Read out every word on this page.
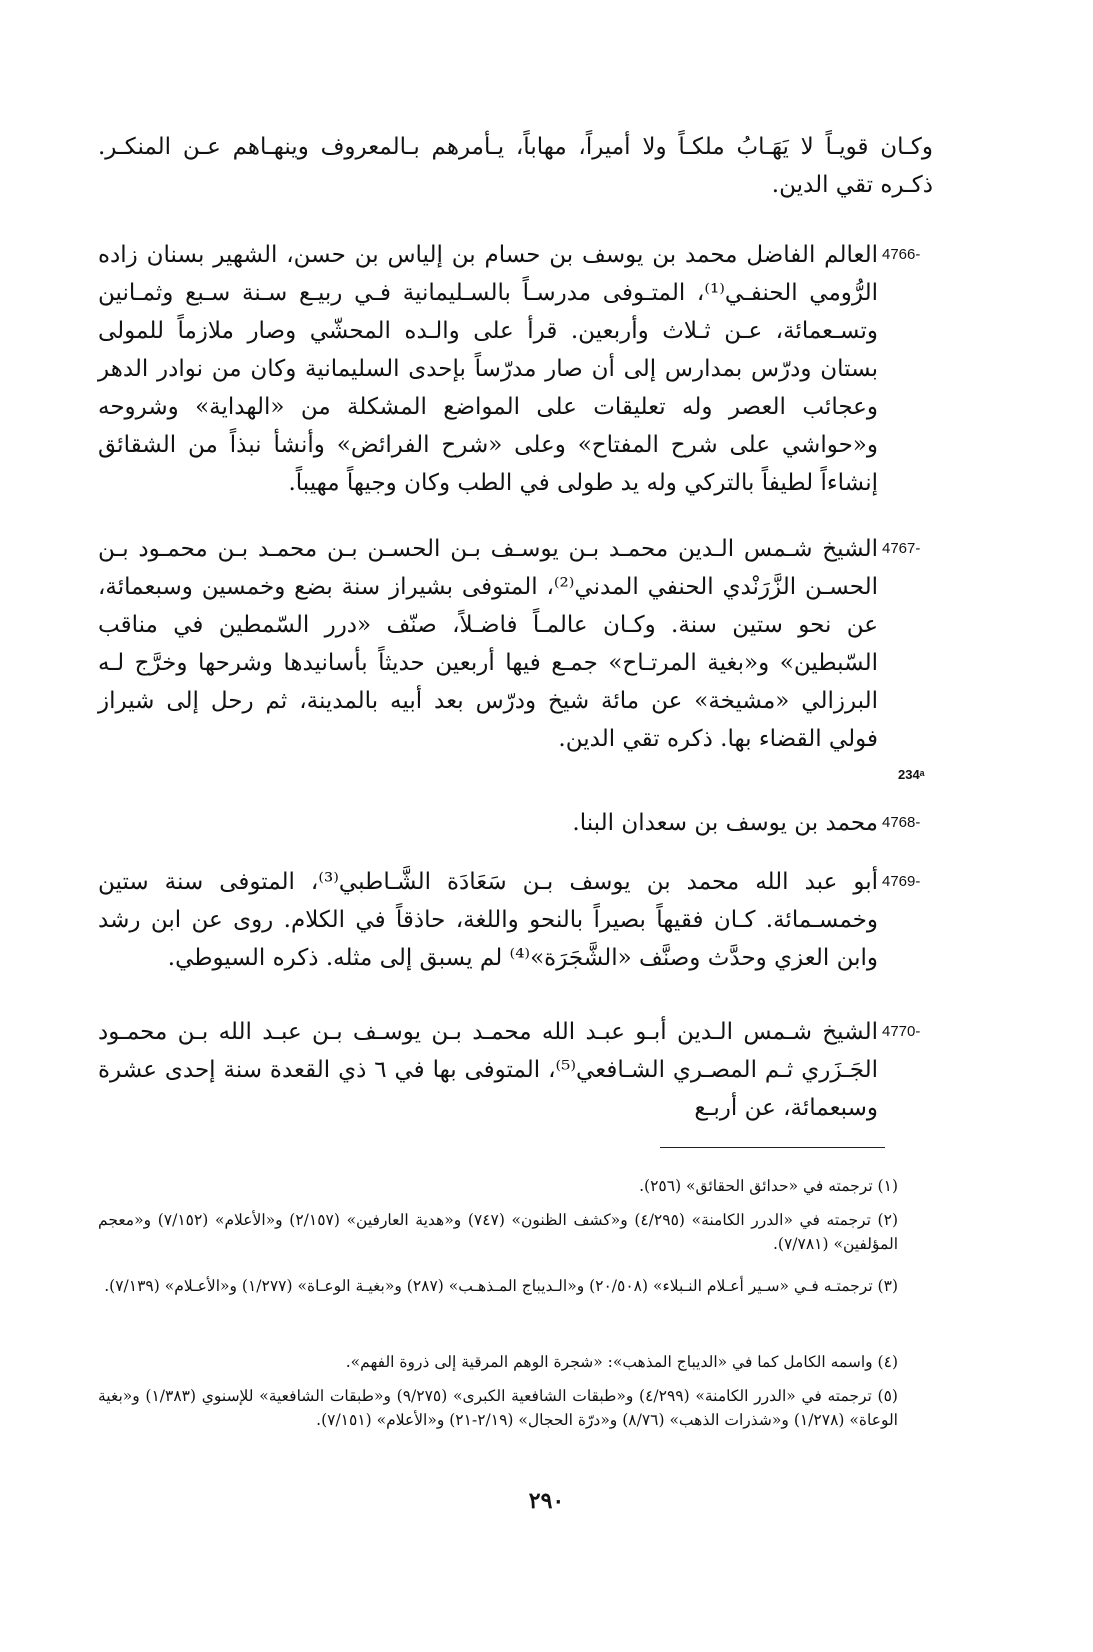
وكـان قويـاً لا يَهَـابُ ملكـاً ولا أميراً، مهاباً، يـأمرهم بـالمعروف وينهـاهم عـن المنكـر. ذكـره تقي الدين.

4766-

العالم الفاضل محمد بن يوسف بن حسام بن إلياس بن حسن، الشهير بسنان زاده الرُّومي الحنفـي⁽¹⁾، المتـوفى مدرسـاً بالسـليمانية فـي ربيـع سـنة سـبع وثمـانين وتسـعمائة، عـن ثـلاث وأربعين. قرأ على والـده المحشّي وصار ملازماً للمولى بستان ودرّس بمدارس إلى أن صار مدرّساً بإحدى السليمانية وكان من نوادر الدهر وعجائب العصر وله تعليقات على المواضع المشكلة من «الهداية» وشروحه و«حواشي على شرح المفتاح» وعلى «شرح الفرائض» وأنشأ نبذاً من الشقائق إنشاءاً لطيفاً بالتركي وله يد طولى في الطب وكان وجيهاً مهيباً.

4767-

الشيخ شـمس الـدين محمـد بـن يوسـف بـن الحسـن بـن محمـد بـن محمـود بـن الحسـن الزَّرَنْدي الحنفي المدني⁽²⁾، المتوفى بشيراز سنة بضع وخمسين وسبعمائة، عن نحو ستين سنة. وكـان عالمـاً فاضـلاً، صنّف «درر السّمطين في مناقب السّبطين» و«بغية المرتـاح» جمـع فيها أربعين حديثاً بأسانيدها وشرحها وخرَّج لـه البرزالي «مشيخة» عن مائة شيخ ودرّس بعد أبيه بالمدينة، ثم رحل إلى شيراز فولي القضاء بها. ذكره تقي الدين.

234ᵃ
4768-

محمد بن يوسف بن سعدان البنا.

4769-

أبو عبد الله محمد بن يوسف بـن سَعَادَة الشَّـاطبي⁽³⁾، المتوفى سنة ستين وخمسـمائة. كـان فقيهاً بصيراً بالنحو واللغة، حاذقاً في الكلام. روى عن ابن رشد وابن العزي وحدَّث وصنَّف «الشَّجَرَة»⁽⁴⁾ لم يسبق إلى مثله. ذكره السيوطي.

4770-

الشيخ شـمس الـدين أبـو عبـد الله محمـد بـن يوسـف بـن عبـد الله بـن محمـود الجَـزَري ثـم المصـري الشـافعي⁽⁵⁾، المتوفى بها في ٦ ذي القعدة سنة إحدى عشرة وسبعمائة، عن أربـع

(١) ترجمته في «حدائق الحقائق» (٢٥٦).

(٢) ترجمته في «الدرر الكامنة» (٤/٢٩٥) و«كشف الظنون» (٧٤٧) و«هدية العارفين» (٢/١٥٧) و«الأعلام» (٧/١٥٢) و«معجم المؤلفين» (٧/٧٨١).

(٣) ترجمتـه فـي «سـير أعـلام النـبلاء» (٢٠/٥٠٨) و«الـديباج المـذهـب» (٢٨٧) و«بغيـة الوعـاة» (١/٢٧٧) و«الأعـلام» (٧/١٣٩).

(٤) واسمه الكامل كما في «الديباج المذهب»: «شجرة الوهم المرقية إلى ذروة الفهم».

(٥) ترجمته في «الدرر الكامنة» (٤/٢٩٩) و«طبقات الشافعية الكبرى» (٩/٢٧٥) و«طبقات الشافعية» للإسنوي (١/٣٨٣) و«بغية الوعاة» (١/٢٧٨) و«شذرات الذهب» (٨/٧٦) و«درّة الحجال» (٢/١٩-٢١) و«الأعلام» (٧/١٥١).

٢٩٠
